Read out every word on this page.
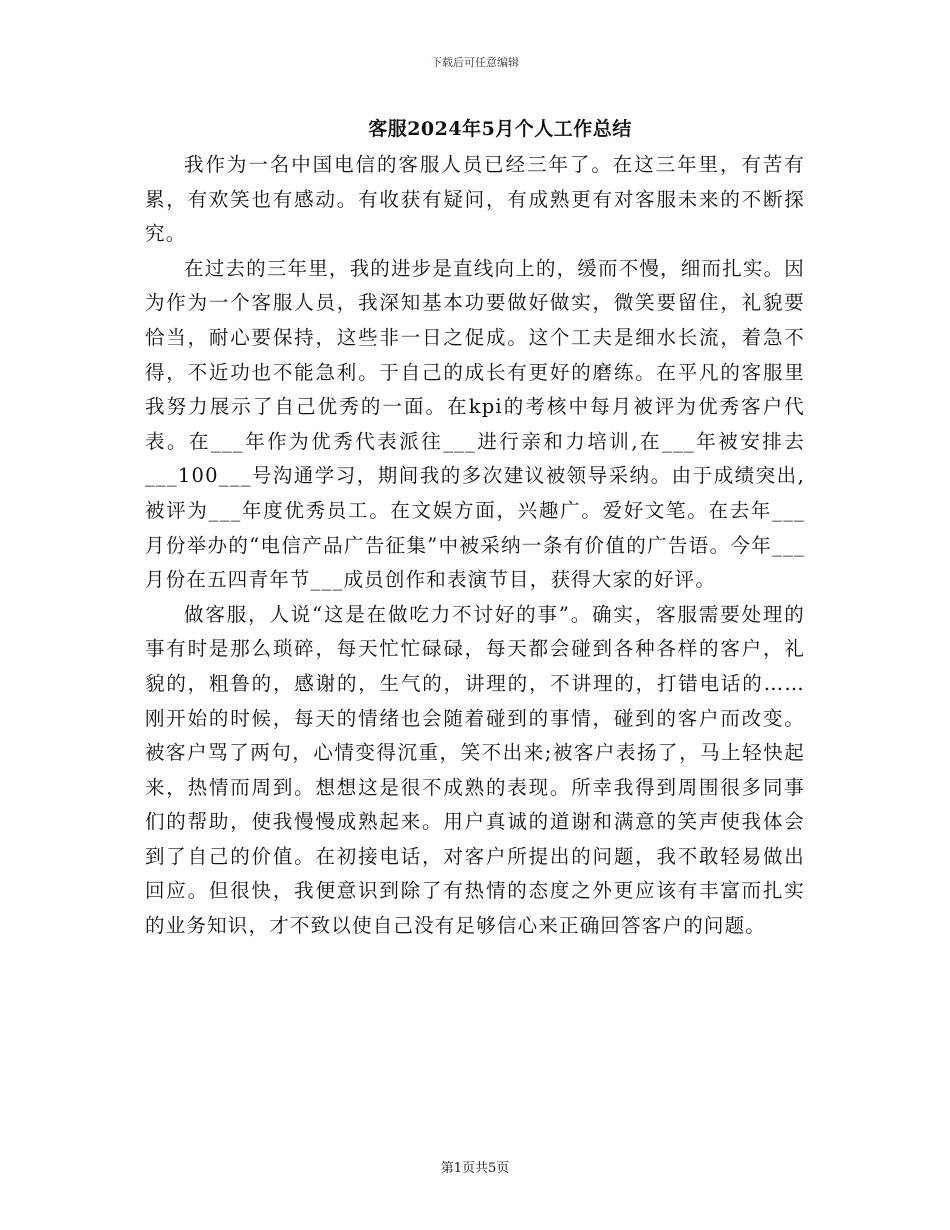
下载后可任意编辑
客服2024年5月个人工作总结

我作为一名中国电信的客服人员已经三年了。在这三年里，有苦有累，有欢笑也有感动。有收获有疑问，有成熟更有对客服未来的不断探究。

在过去的三年里，我的进步是直线向上的，缓而不慢，细而扎实。因为作为一个客服人员，我深知基本功要做好做实，微笑要留住，礼貌要恰当，耐心要保持，这些非一日之促成。这个工夫是细水长流，着急不得，不近功也不能急利。于自己的成长有更好的磨练。在平凡的客服里我努力展示了自己优秀的一面。在kpi的考核中每月被评为优秀客户代表。在___年作为优秀代表派往___进行亲和力培训,在___年被安排去___100___号沟通学习，期间我的多次建议被领导采纳。由于成绩突出,被评为___年度优秀员工。在文娱方面，兴趣广。爱好文笔。在去年___月份举办的“电信产品广告征集”中被采纳一条有价值的广告语。今年___月份在五四青年节___成员创作和表演节目，获得大家的好评。

做客服，人说“这是在做吃力不讨好的事”。确实，客服需要处理的事有时是那么琐碎，每天忙忙碌碌，每天都会碰到各种各样的客户，礼貌的，粗鲁的，感谢的，生气的，讲理的，不讲理的，打错电话的……刚开始的时候，每天的情绪也会随着碰到的事情，碰到的客户而改变。被客户骂了两句，心情变得沉重，笑不出来;被客户表扬了，马上轻快起来，热情而周到。想想这是很不成熟的表现。所幸我得到周围很多同事们的帮助，使我慢慢成熟起来。用户真诚的道谢和满意的笑声使我体会到了自己的价值。在初接电话，对客户所提出的问题，我不敢轻易做出回应。但很快，我便意识到除了有热情的态度之外更应该有丰富而扎实的业务知识，才不致以使自己没有足够信心来正确回答客户的问题。

第1页共5页
